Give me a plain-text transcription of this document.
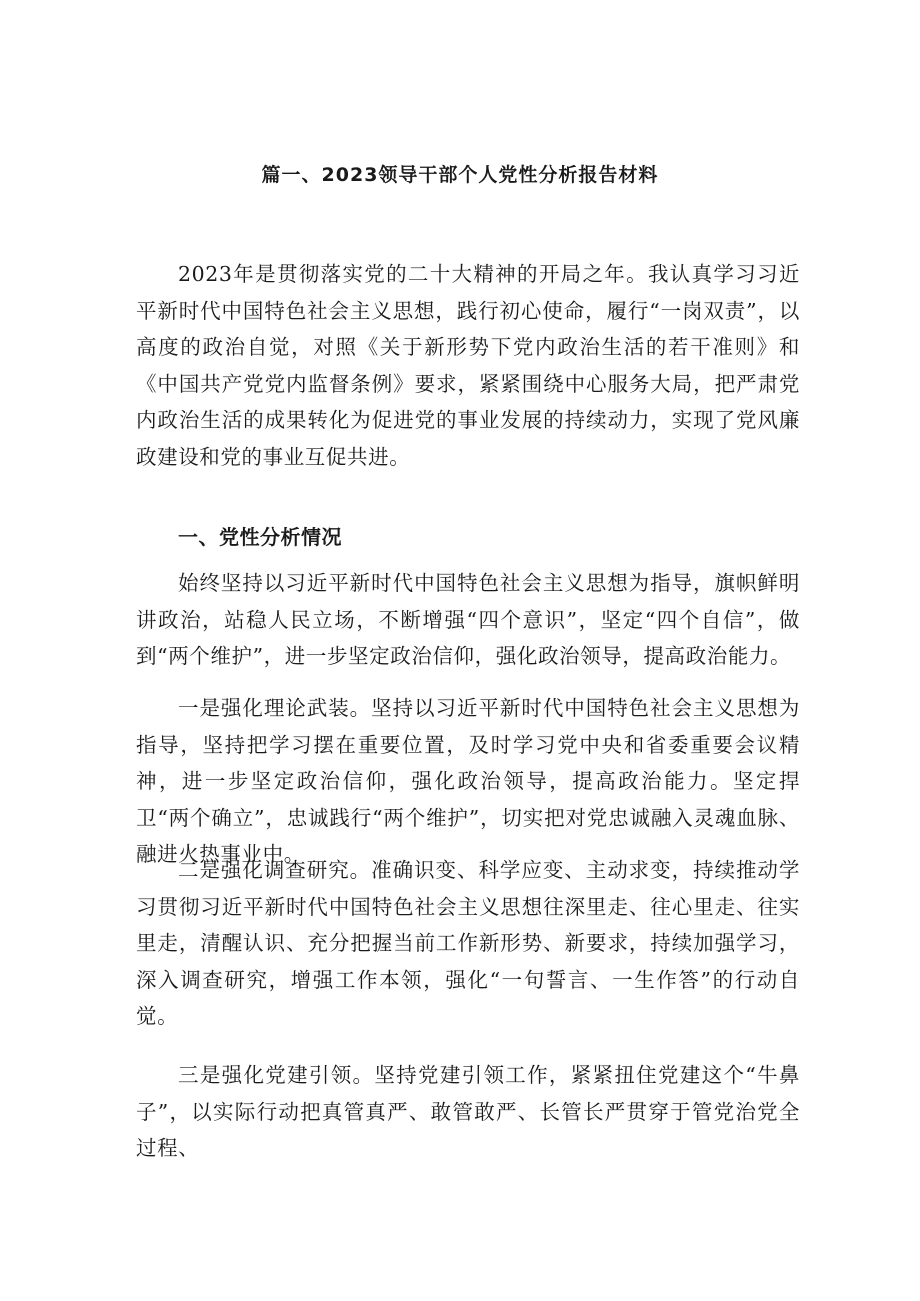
篇一、2023领导干部个人党性分析报告材料

2023年是贯彻落实党的二十大精神的开局之年。我认真学习习近平新时代中国特色社会主义思想，践行初心使命，履行“一岗双责”，以高度的政治自觉，对照《关于新形势下党内政治生活的若干准则》和《中国共产党党内监督条例》要求，紧紧围绕中心服务大局，把严肃党内政治生活的成果转化为促进党的事业发展的持续动力，实现了党风廉政建设和党的事业互促共进。

一、党性分析情况

始终坚持以习近平新时代中国特色社会主义思想为指导，旗帜鲜明讲政治，站稳人民立场，不断增强“四个意识”，坚定“四个自信”，做到“两个维护”，进一步坚定政治信仰，强化政治领导，提高政治能力。

一是强化理论武装。坚持以习近平新时代中国特色社会主义思想为指导，坚持把学习摆在重要位置，及时学习党中央和省委重要会议精神，进一步坚定政治信仰，强化政治领导，提高政治能力。坚定捍卫“两个确立”，忠诚践行“两个维护”，切实把对党忠诚融入灵魂血脉、融进火热事业中。

二是强化调查研究。准确识变、科学应变、主动求变，持续推动学习贯彻习近平新时代中国特色社会主义思想往深里走、往心里走、往实里走，清醒认识、充分把握当前工作新形势、新要求，持续加强学习，深入调查研究，增强工作本领，强化“一句誓言、一生作答”的行动自觉。

三是强化党建引领。坚持党建引领工作，紧紧扭住党建这个“牛鼻子”，以实际行动把真管真严、敢管敢严、长管长严贯穿于管党治党全过程、
